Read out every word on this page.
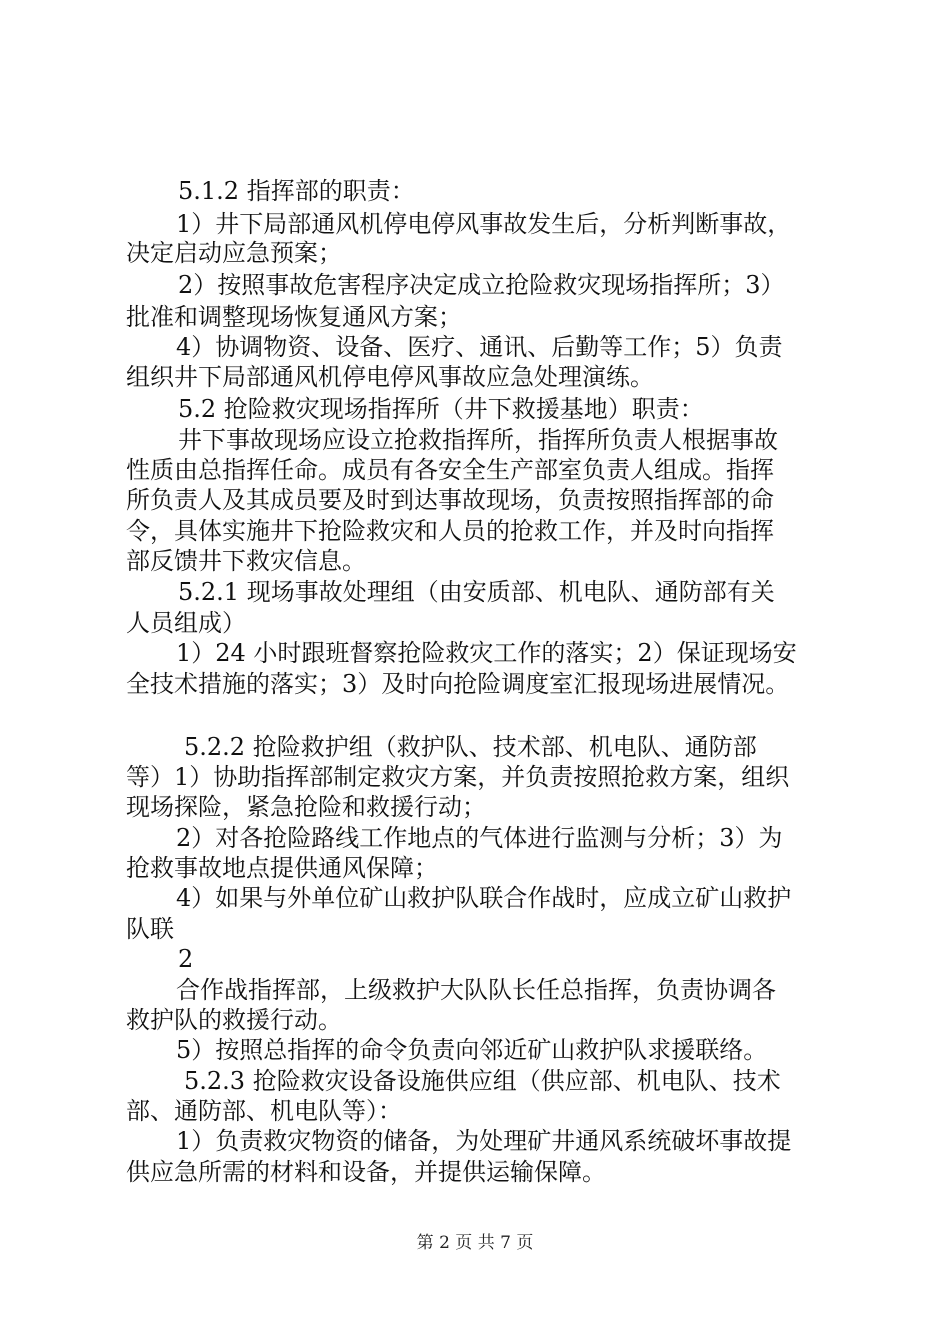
5.1.2 指挥部的职责：
1）井下局部通风机停电停风事故发生后，分析判断事故，
决定启动应急预案；
2）按照事故危害程序决定成立抢险救灾现场指挥所；3）
批准和调整现场恢复通风方案；
4）协调物资、设备、医疗、通讯、后勤等工作；5）负责
组织井下局部通风机停电停风事故应急处理演练。
5.2 抢险救灾现场指挥所（井下救援基地）职责：
井下事故现场应设立抢救指挥所，指挥所负责人根据事故
性质由总指挥任命。成员有各安全生产部室负责人组成。指挥
所负责人及其成员要及时到达事故现场，负责按照指挥部的命
令，具体实施井下抢险救灾和人员的抢救工作，并及时向指挥
部反馈井下救灾信息。
5.2.1 现场事故处理组（由安质部、机电队、通防部有关
人员组成）
1）24 小时跟班督察抢险救灾工作的落实；2）保证现场安
全技术措施的落实；3）及时向抢险调度室汇报现场进展情况。
5.2.2 抢险救护组（救护队、技术部、机电队、通防部
等）1）协助指挥部制定救灾方案，并负责按照抢救方案，组织
现场探险，紧急抢险和救援行动；
2）对各抢险路线工作地点的气体进行监测与分析；3）为
抢救事故地点提供通风保障；
4）如果与外单位矿山救护队联合作战时，应成立矿山救护
队联
2
合作战指挥部，上级救护大队队长任总指挥，负责协调各
救护队的救援行动。
5）按照总指挥的命令负责向邻近矿山救护队求援联络。
5.2.3 抢险救灾设备设施供应组（供应部、机电队、技术
部、通防部、机电队等）：
1）负责救灾物资的储备，为处理矿井通风系统破坏事故提
供应急所需的材料和设备，并提供运输保障。
第 2 页 共 7 页
